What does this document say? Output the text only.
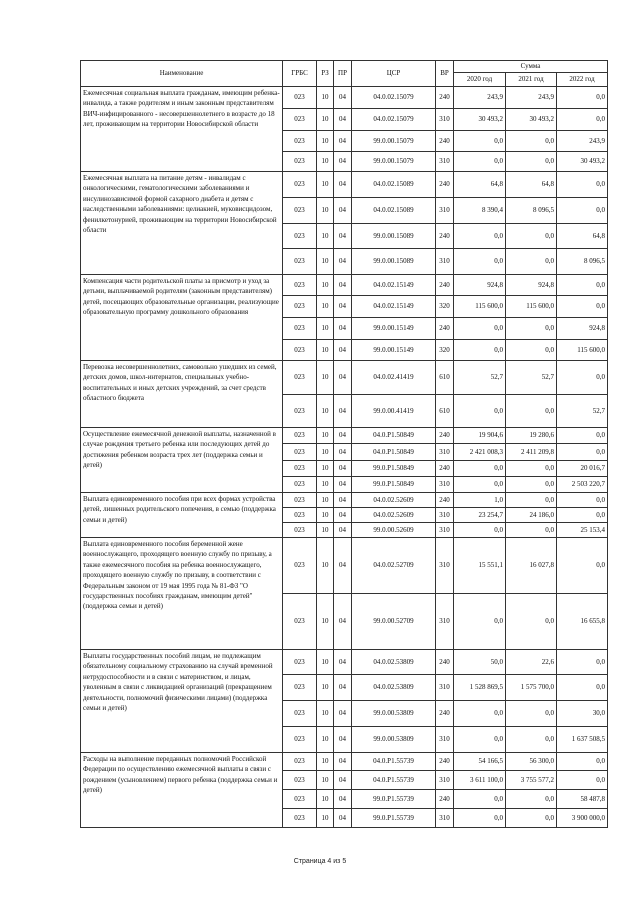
Наименование	ГРБС	РЗ	ПР	ЦСР	ВР	Сумма		
						2020 год	2021 год	2022 год
Ежемесячная социальная выплата гражданам, имеющим ребенка-инвалида, а также родителям и иным законным представителям ВИЧ-инфицированного - несовершеннолетнего в возрасте до 18 лет, проживающим на территории Новосибирской области	023	10	04	04.0.02.15079	240	243,9	243,9	0,0
	023	10	04	04.0.02.15079	310	30 493,2	30 493,2	0,0
	023	10	04	99.0.00.15079	240	0,0	0,0	243,9
	023	10	04	99.0.00.15079	310	0,0	0,0	30 493,2
Ежемесячная выплата на питание детям - инвалидам с онкологическими, гематологическими заболеваниями и инсулинозависимой формой сахарного диабета и детям с наследственными заболеваниями: целиакией, муковисцидозом, фенилкетонурией, проживающим на территории Новосибирской области	023	10	04	04.0.02.15089	240	64,8	64,8	0,0
	023	10	04	04.0.02.15089	310	8 390,4	8 096,5	0,0
	023	10	04	99.0.00.15089	240	0,0	0,0	64,8
	023	10	04	99.0.00.15089	310	0,0	0,0	8 096,5
Компенсация части родительской платы за присмотр и уход за детьми, выплачиваемой родителям (законным представителям) детей, посещающих образовательные организации, реализующие образовательную программу дошкольного образования	023	10	04	04.0.02.15149	240	924,8	924,8	0,0
	023	10	04	04.0.02.15149	320	115 600,0	115 600,0	0,0
	023	10	04	99.0.00.15149	240	0,0	0,0	924,8
	023	10	04	99.0.00.15149	320	0,0	0,0	115 600,0
Перевозка несовершеннолетних, самовольно ушедших из семей, детских домов, школ-интернатов, специальных учебно-воспитательных и иных детских учреждений, за счет средств областного бюджета	023	10	04	04.0.02.41419	610	52,7	52,7	0,0
	023	10	04	99.0.00.41419	610	0,0	0,0	52,7
Осуществление ежемесячной денежной выплаты, назначенной в случае рождения третьего ребенка или последующих детей до достижения ребенком возраста трех лет (поддержка семьи и детей)	023	10	04	04.0.P1.50849	240	19 904,6	19 280,6	0,0
	023	10	04	04.0.P1.50849	310	2 421 008,3	2 411 209,8	0,0
	023	10	04	99.0.P1.50849	240	0,0	0,0	20 016,7
	023	10	04	99.0.P1.50849	310	0,0	0,0	2 503 220,7
Выплата единовременного пособия при всех формах устройства детей, лишенных родительского попечения, в семью (поддержка семьи и детей)	023	10	04	04.0.02.52609	240	1,0	0,0	0,0
	023	10	04	04.0.02.52609	310	23 254,7	24 186,0	0,0
	023	10	04	99.0.00.52609	310	0,0	0,0	25 153,4
Выплата единовременного пособия беременной жене военнослужащего, проходящего военную службу по призыву, а также ежемесячного пособия на ребенка военнослужащего, проходящего военную службу по призыву, в соответствии с Федеральным законом от 19 мая 1995 года № 81-ФЗ "О государственных пособиях гражданам, имеющим детей" (поддержка семьи и детей)	023	10	04	04.0.02.52709	310	15 551,1	16 027,8	0,0
	023	10	04	99.0.00.52709	310	0,0	0,0	16 655,8
Выплаты государственных пособий лицам, не подлежащим обязательному социальному страхованию на случай временной нетрудоспособности и в связи с материнством, и лицам, уволенным в связи с ликвидацией организаций (прекращением деятельности, полномочий физическими лицами) (поддержка семьи и детей)	023	10	04	04.0.02.53809	240	50,0	22,6	0,0
	023	10	04	04.0.02.53809	310	1 528 869,5	1 575 700,0	0,0
	023	10	04	99.0.00.53809	240	0,0	0,0	30,0
	023	10	04	99.0.00.53809	310	0,0	0,0	1 637 508,5
Расходы на выполнение переданных полномочий Российской Федерации по осуществлению ежемесячной выплаты в связи с рождением (усыновлением) первого ребенка (поддержка семьи и детей)	023	10	04	04.0.P1.55739	240	54 166,5	56 300,0	0,0
	023	10	04	04.0.P1.55739	310	3 611 100,0	3 755 577,2	0,0
	023	10	04	99.0.P1.55739	240	0,0	0,0	58 487,8
	023	10	04	99.0.P1.55739	310	0,0	0,0	3 900 000,0
Страница 4 из 5
